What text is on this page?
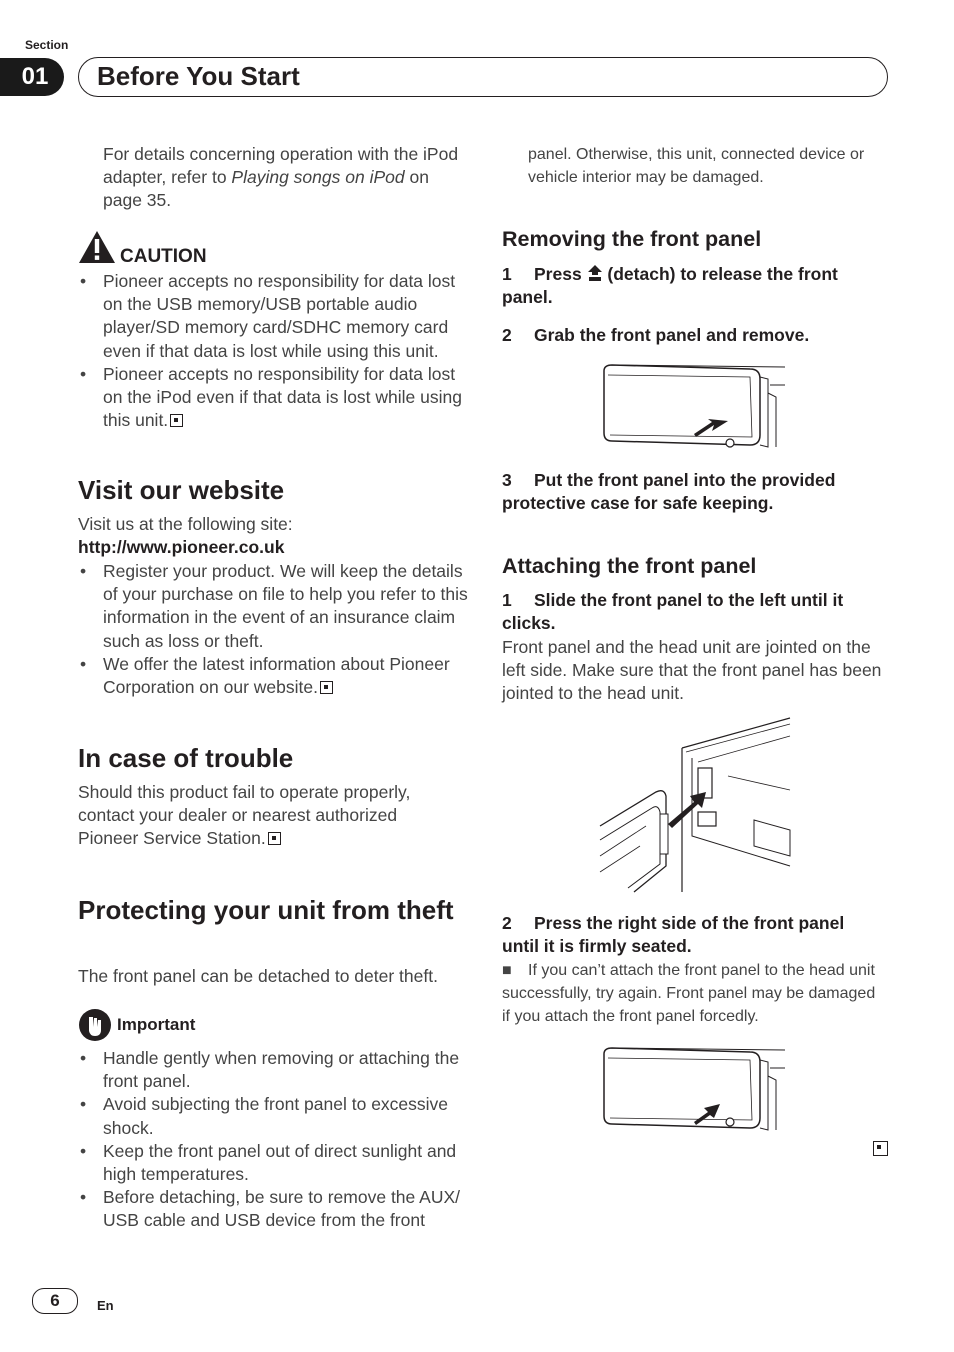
Section
01	Before You Start
For details concerning operation with the iPod adapter, refer to Playing songs on iPod on page 35.
CAUTION
• Pioneer accepts no responsibility for data lost on the USB memory/USB portable audio player/SD memory card/SDHC memory card even if that data is lost while using this unit.
• Pioneer accepts no responsibility for data lost on the iPod even if that data is lost while using this unit.
Visit our website
Visit us at the following site:
http://www.pioneer.co.uk
• Register your product. We will keep the details of your purchase on file to help you refer to this information in the event of an insurance claim such as loss or theft.
• We offer the latest information about Pioneer Corporation on our website.
In case of trouble
Should this product fail to operate properly, contact your dealer or nearest authorized Pioneer Service Station.
Protecting your unit from theft
The front panel can be detached to deter theft.
Important
• Handle gently when removing or attaching the front panel.
• Avoid subjecting the front panel to excessive shock.
• Keep the front panel out of direct sunlight and high temperatures.
• Before detaching, be sure to remove the AUX/ USB cable and USB device from the front
panel. Otherwise, this unit, connected device or vehicle interior may be damaged.
Removing the front panel
1 Press  (detach) to release the front panel.
2 Grab the front panel and remove.
3 Put the front panel into the provided protective case for safe keeping.
Attaching the front panel
1 Slide the front panel to the left until it clicks.
Front panel and the head unit are jointed on the left side. Make sure that the front panel has been jointed to the head unit.
2 Press the right side of the front panel until it is firmly seated.
■ If you can’t attach the front panel to the head unit successfully, try again. Front panel may be damaged if you attach the front panel forcedly.
6	En
